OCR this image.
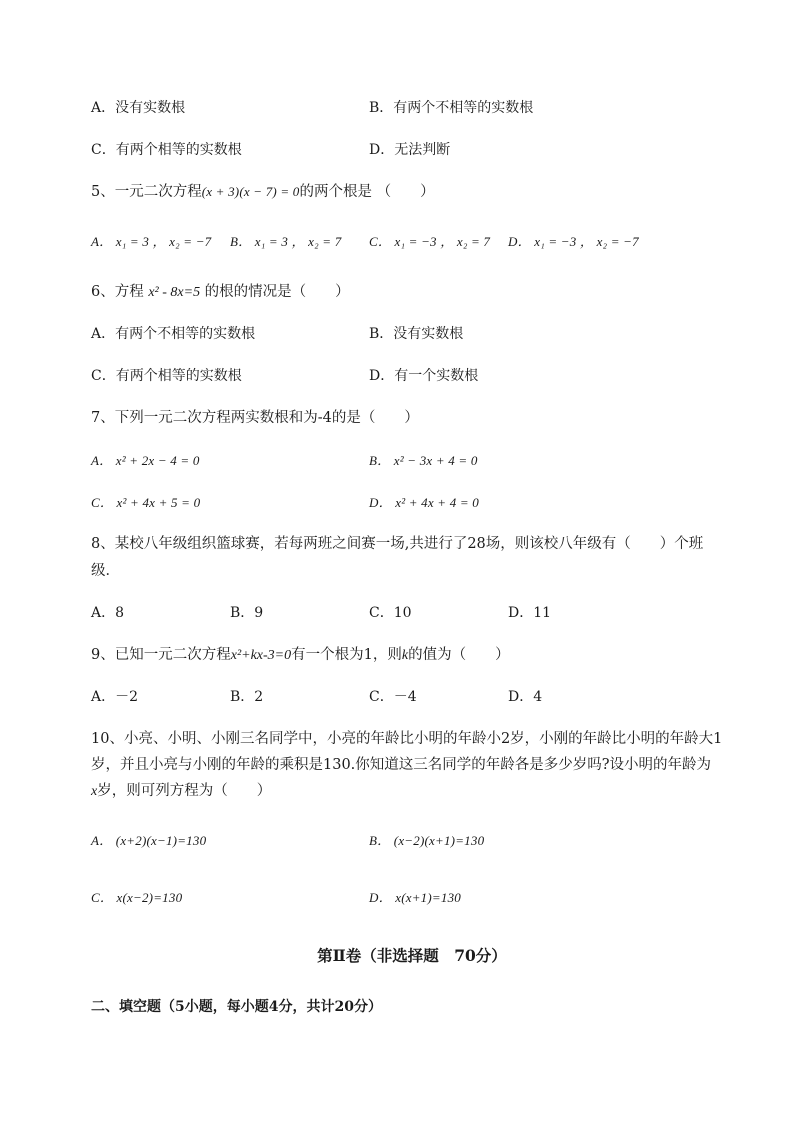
A．没有实数根	B．有两个不相等的实数根
C．有两个相等的实数根	D．无法判断
5、一元二次方程(x + 3)(x − 7) = 0的两个根是 （　　）
A． x₁ = 3 ， x₂ = −7 B． x₁ = 3 ， x₂ = 7 C． x₁ = −3 ， x₂ = 7 D． x₁ = −3 ， x₂ = −7
6、方程 x² - 8x=5 的根的情况是（　　）
A．有两个不相等的实数根	B．没有实数根
C．有两个相等的实数根	D．有一个实数根
7、下列一元二次方程两实数根和为-4的是（　　）
A． x² + 2x − 4 = 0	B． x² − 3x + 4 = 0
C． x² + 4x + 5 = 0	D． x² + 4x + 4 = 0
8、某校八年级组织篮球赛，若每两班之间赛一场,共进行了28场，则该校八年级有（　　）个班
级．
A．8	B．9	C．10	D．11
9、已知一元二次方程x²+kx-3=0有一个根为1，则k的值为（　　）
A．－2	B．2	C．－4	D．4
10、小亮、小明、小刚三名同学中，小亮的年龄比小明的年龄小2岁，小刚的年龄比小明的年龄大1
岁，并且小亮与小刚的年龄的乘积是130.你知道这三名同学的年龄各是多少岁吗?设小明的年龄为
x岁，则可列方程为（　　）
A． (x+2)(x−1)=130	B． (x−2)(x+1)=130
C． x(x−2)=130	D． x(x+1)=130
第Ⅱ卷（非选择题　70分）
二、填空题（5小题，每小题4分，共计20分）
